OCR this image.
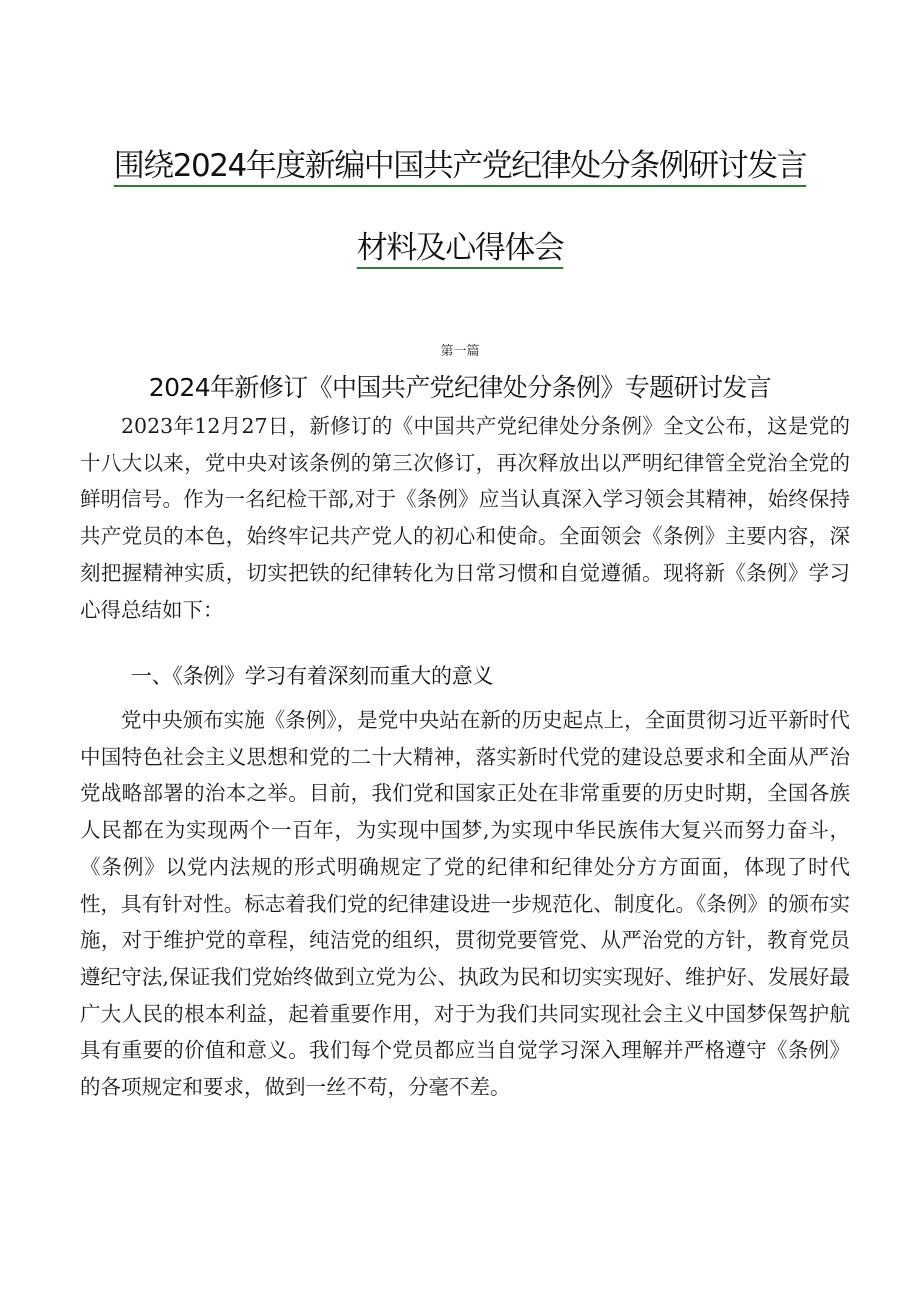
围绕2024年度新编中国共产党纪律处分条例研讨发言
材料及心得体会
第一篇
2024年新修订《中国共产党纪律处分条例》专题研讨发言

2023年12月27日，新修订的《中国共产党纪律处分条例》全文公布，这是党的十八大以来，党中央对该条例的第三次修订，再次释放出以严明纪律管全党治全党的鲜明信号。作为一名纪检干部,对于《条例》应当认真深入学习领会其精神，始终保持共产党员的本色，始终牢记共产党人的初心和使命。全面领会《条例》主要内容，深刻把握精神实质，切实把铁的纪律转化为日常习惯和自觉遵循。现将新《条例》学习心得总结如下：

一、《条例》学习有着深刻而重大的意义

党中央颁布实施《条例》，是党中央站在新的历史起点上，全面贯彻习近平新时代中国特色社会主义思想和党的二十大精神，落实新时代党的建设总要求和全面从严治党战略部署的治本之举。目前，我们党和国家正处在非常重要的历史时期，全国各族人民都在为实现两个一百年，为实现中国梦,为实现中华民族伟大复兴而努力奋斗，《条例》以党内法规的形式明确规定了党的纪律和纪律处分方方面面，体现了时代性，具有针对性。标志着我们党的纪律建设进一步规范化、制度化。《条例》的颁布实施，对于维护党的章程，纯洁党的组织，贯彻党要管党、从严治党的方针，教育党员遵纪守法,保证我们党始终做到立党为公、执政为民和切实实现好、维护好、发展好最广大人民的根本利益，起着重要作用，对于为我们共同实现社会主义中国梦保驾护航具有重要的价值和意义。我们每个党员都应当自觉学习深入理解并严格遵守《条例》的各项规定和要求，做到一丝不苟，分毫不差。
